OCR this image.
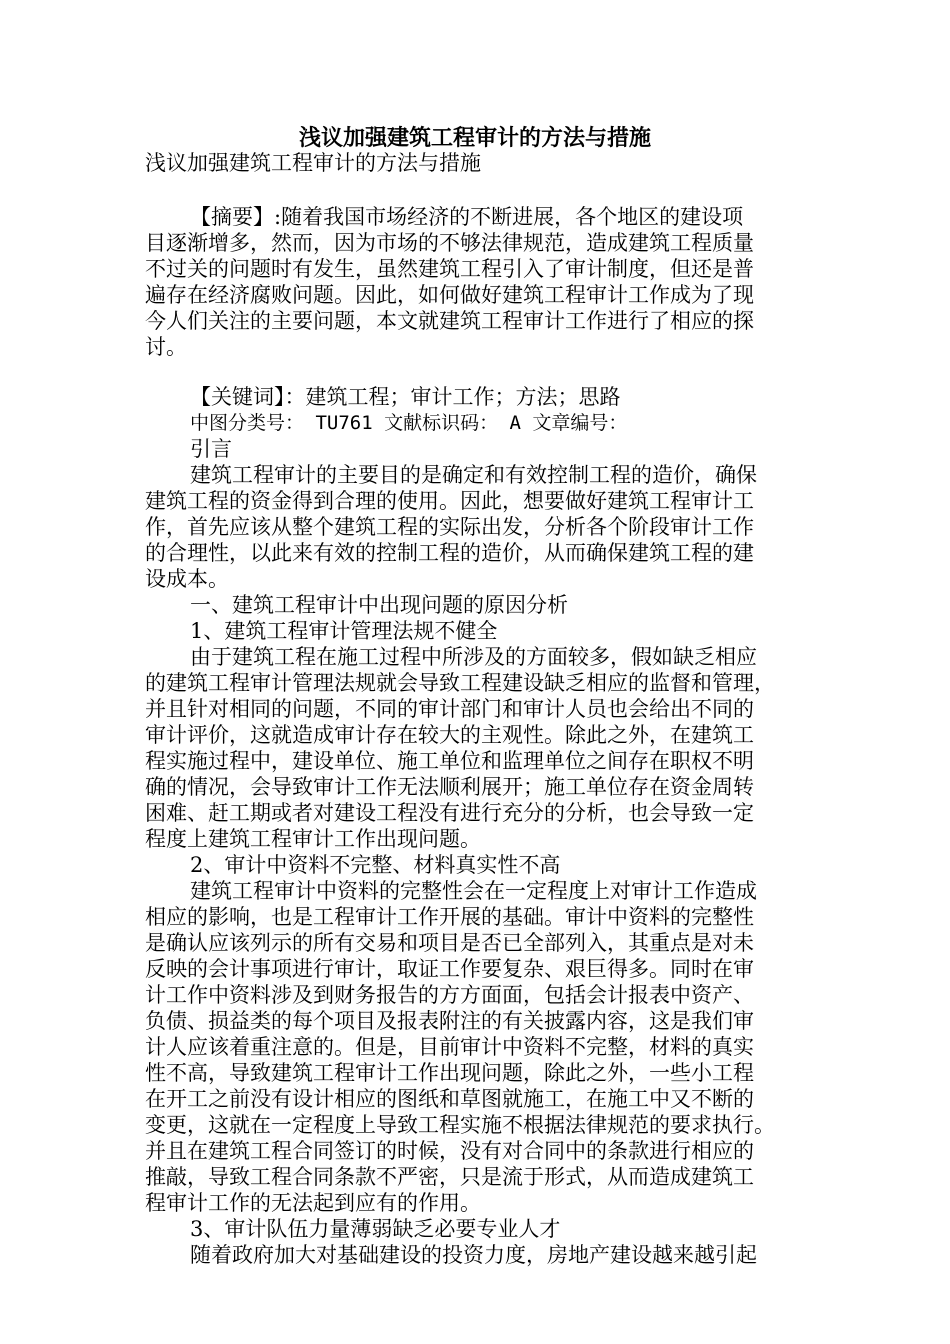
浅议加强建筑工程审计的方法与措施
浅议加强建筑工程审计的方法与措施
【摘要】:随着我国市场经济的不断进展，各个地区的建设项
目逐渐增多，然而，因为市场的不够法律规范，造成建筑工程质量
不过关的问题时有发生，虽然建筑工程引入了审计制度，但还是普
遍存在经济腐败问题。因此，如何做好建筑工程审计工作成为了现
今人们关注的主要问题，本文就建筑工程审计工作进行了相应的探
讨。
【关键词】：建筑工程；审计工作；方法；思路
中图分类号： TU761 文献标识码： A 文章编号：
引言
建筑工程审计的主要目的是确定和有效控制工程的造价，确保
建筑工程的资金得到合理的使用。因此，想要做好建筑工程审计工
作，首先应该从整个建筑工程的实际出发，分析各个阶段审计工作
的合理性，以此来有效的控制工程的造价，从而确保建筑工程的建
设成本。
一、建筑工程审计中出现问题的原因分析
1、建筑工程审计管理法规不健全
由于建筑工程在施工过程中所涉及的方面较多，假如缺乏相应
的建筑工程审计管理法规就会导致工程建设缺乏相应的监督和管理，
并且针对相同的问题，不同的审计部门和审计人员也会给出不同的
审计评价，这就造成审计存在较大的主观性。除此之外，在建筑工
程实施过程中，建设单位、施工单位和监理单位之间存在职权不明
确的情况，会导致审计工作无法顺利展开；施工单位存在资金周转
困难、赶工期或者对建设工程没有进行充分的分析，也会导致一定
程度上建筑工程审计工作出现问题。
2、审计中资料不完整、材料真实性不高
建筑工程审计中资料的完整性会在一定程度上对审计工作造成
相应的影响，也是工程审计工作开展的基础。审计中资料的完整性
是确认应该列示的所有交易和项目是否已全部列入，其重点是对未
反映的会计事项进行审计，取证工作要复杂、艰巨得多。同时在审
计工作中资料涉及到财务报告的方方面面，包括会计报表中资产、
负债、损益类的每个项目及报表附注的有关披露内容，这是我们审
计人应该着重注意的。但是，目前审计中资料不完整，材料的真实
性不高，导致建筑工程审计工作出现问题，除此之外，一些小工程
在开工之前没有设计相应的图纸和草图就施工，在施工中又不断的
变更，这就在一定程度上导致工程实施不根据法律规范的要求执行。
并且在建筑工程合同签订的时候，没有对合同中的条款进行相应的
推敲，导致工程合同条款不严密，只是流于形式，从而造成建筑工
程审计工作的无法起到应有的作用。
3、审计队伍力量薄弱缺乏必要专业人才
随着政府加大对基础建设的投资力度，房地产建设越来越引起
